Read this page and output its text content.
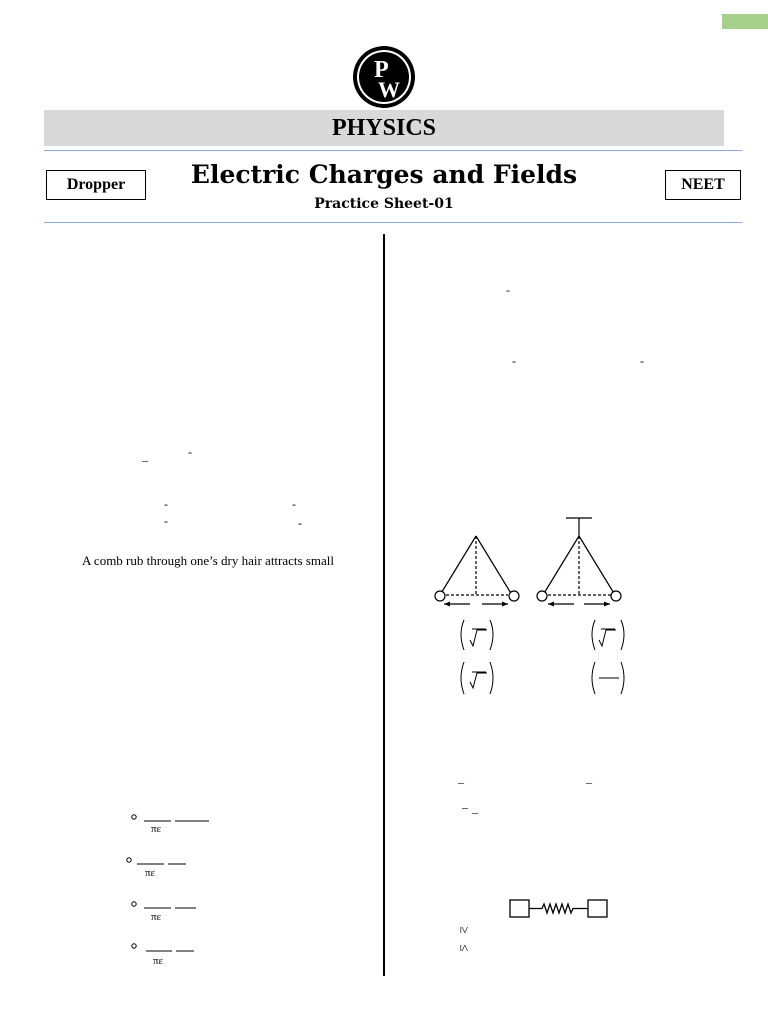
P
W
PHYSICS
Dropper	NEET
Electric Charges and Fields
Practice Sheet-01
_	-
-	-
-	-
A comb rub through one’s dry hair attracts small
πε
πε
πε
πε
-
-	-
_	_
– _
≥
≤
